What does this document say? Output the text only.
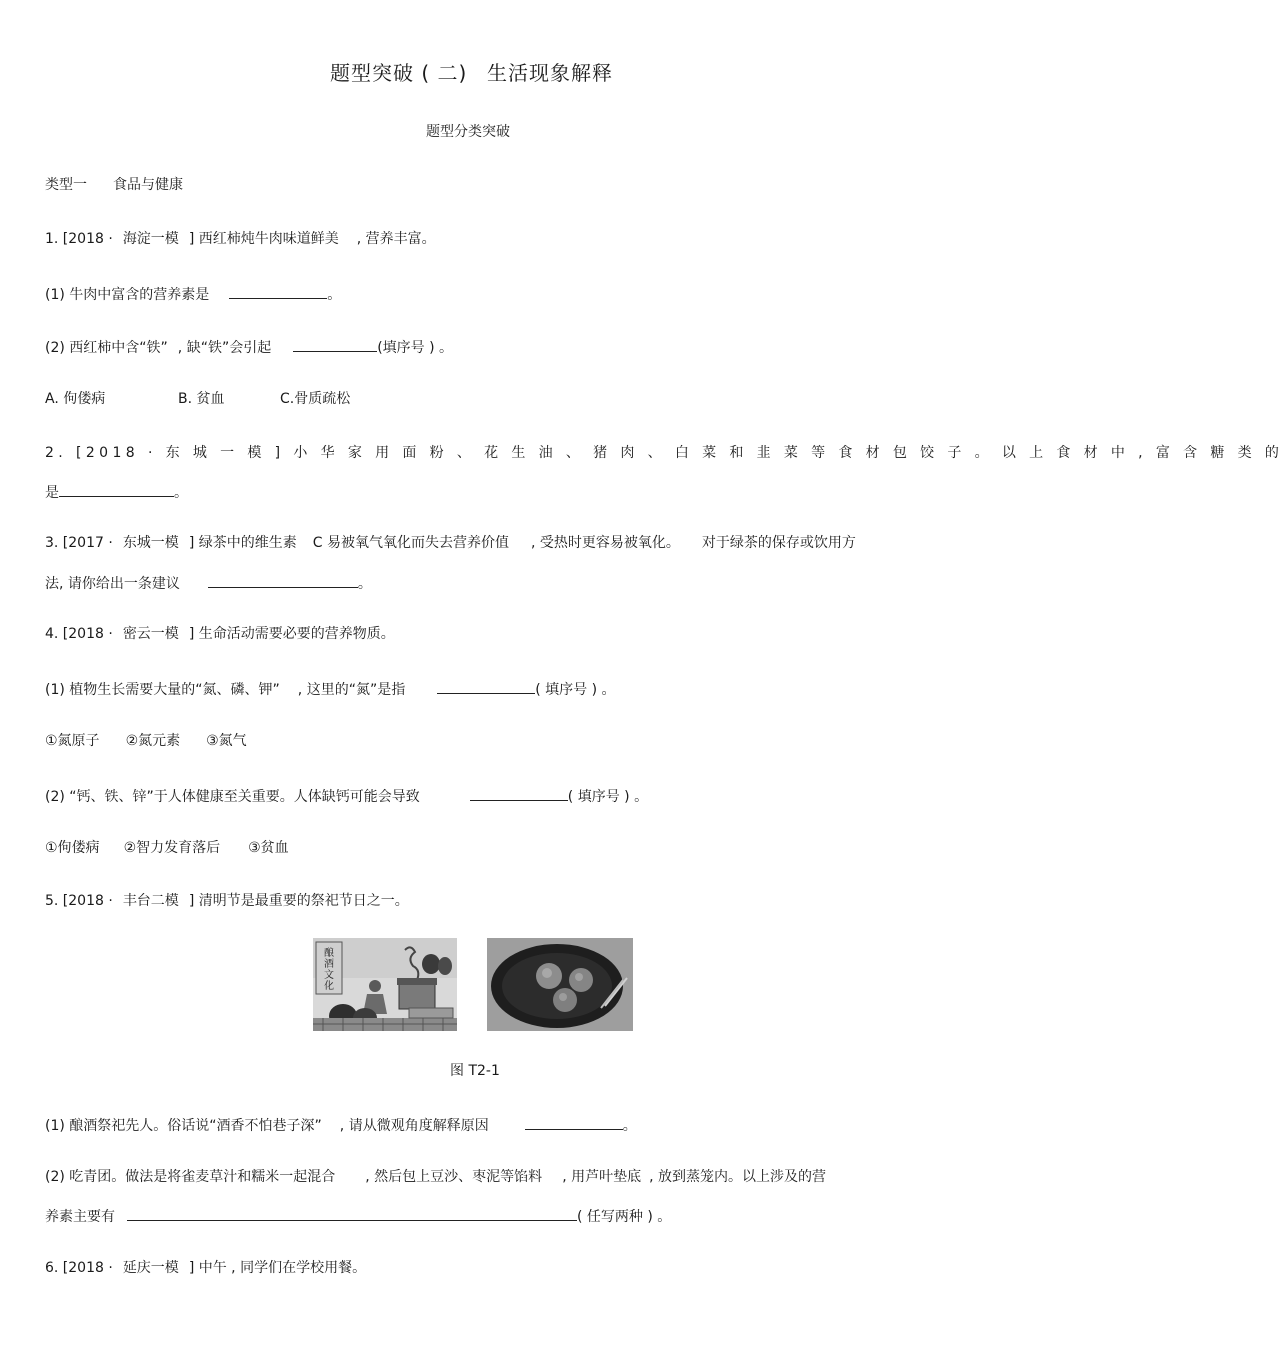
题型突破 ( 二) 生活现象解释
题型分类突破
类型一 食品与健康
1. [2018 · 海淀一模 ] 西红柿炖牛肉味道鲜美 , 营养丰富。
(1) 牛肉中富含的营养素是	。
(2) 西红柿中含“铁” , 缺“铁”会引起	(填序号 ) 。
A. 佝偻病	B. 贫血	C.骨质疏松
2. [2018 · 东 城 一 模 ] 小 华 家 用 面 粉 、 花 生 油 、 猪 肉 、 白 菜 和 韭 菜 等 食 材 包 饺 子 。 以 上 食 材 中 , 富 含 糖 类 的
是	。
3. [2017 · 东城一模 ] 绿茶中的维生素 C 易被氧气氧化而失去营养价值 , 受热时更容易被氧化。 对于绿茶的保存或饮用方
法, 请你给出一条建议	。
4. [2018 · 密云一模 ] 生命活动需要必要的营养物质。
(1) 植物生长需要大量的“氮、磷、钾” , 这里的“氮”是指	( 填序号 ) 。
①氮原子 ②氮元素 ③氮气
(2) “钙、铁、锌”于人体健康至关重要。人体缺钙可能会导致	( 填序号 ) 。
①佝偻病 ②智力发育落后 ③贫血
5. [2018 · 丰台二模 ] 清明节是最重要的祭祀节日之一。
酿
酒
文
化
图 T2-1
(1) 酿酒祭祀先人。俗话说“酒香不怕巷子深” , 请从微观角度解释原因	。
(2) 吃青团。做法是将雀麦草汁和糯米一起混合 , 然后包上豆沙、枣泥等馅料 , 用芦叶垫底 , 放到蒸笼内。以上涉及的营
养素主要有	( 任写两种 ) 。
6. [2018 · 延庆一模 ] 中午 , 同学们在学校用餐。
